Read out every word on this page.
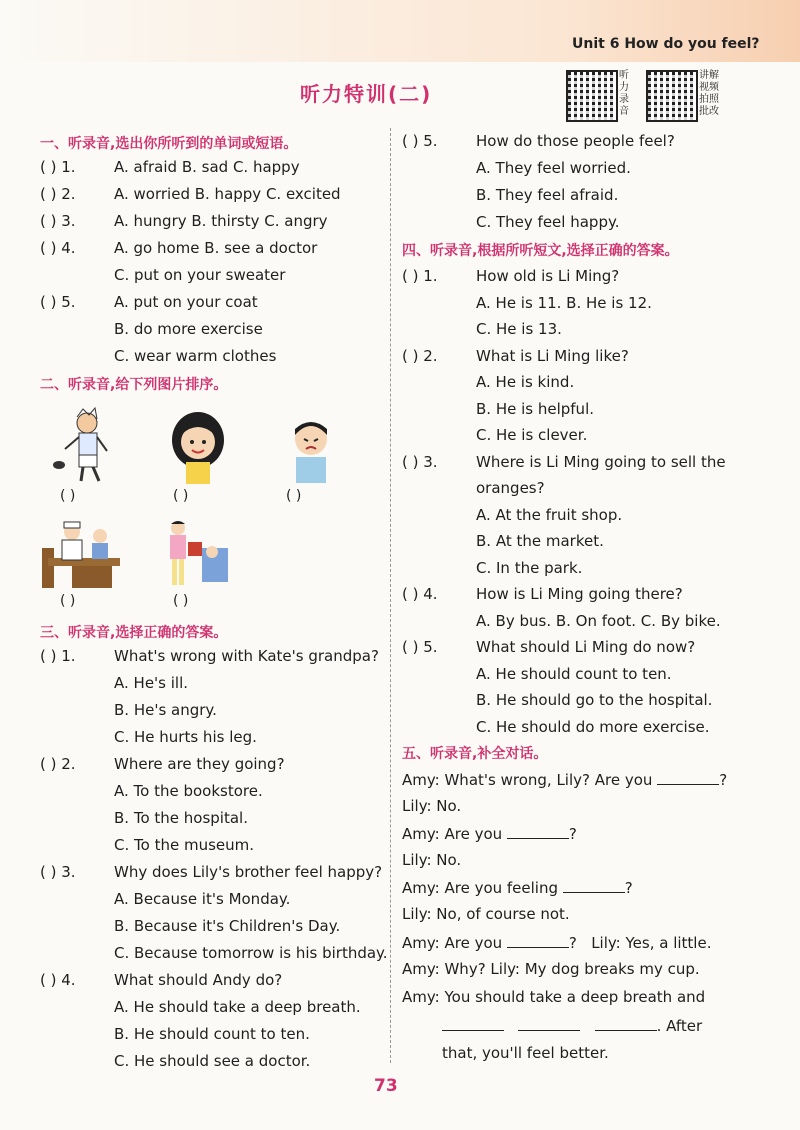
Unit 6 How do you feel?
听力特训(二)
听力录音
讲解视频拍照批改
一、听录音,选出你所听到的单词或短语。
( ) 1.	A. afraid B. sad C. happy
( ) 2.	A. worried B. happy C. excited
( ) 3.	A. hungry B. thirsty C. angry
( ) 4.	A. go home B. see a doctor
C. put on your sweater
( ) 5.	A. put on your coat
B. do more exercise
C. wear warm clothes
二、听录音,给下列图片排序。
( )	( )	( )
( )	( )
三、听录音,选择正确的答案。
( ) 1.	What's wrong with Kate's grandpa?
A. He's ill.
B. He's angry.
C. He hurts his leg.
( ) 2.	Where are they going?
A. To the bookstore.
B. To the hospital.
C. To the museum.
( ) 3.	Why does Lily's brother feel happy?
A. Because it's Monday.
B. Because it's Children's Day.
C. Because tomorrow is his birthday.
( ) 4.	What should Andy do?
A. He should take a deep breath.
B. He should count to ten.
C. He should see a doctor.
( ) 5.	How do those people feel?
A. They feel worried.
B. They feel afraid.
C. They feel happy.
四、听录音,根据所听短文,选择正确的答案。
( ) 1.	How old is Li Ming?
A. He is 11. B. He is 12.
C. He is 13.
( ) 2.	What is Li Ming like?
A. He is kind.
B. He is helpful.
C. He is clever.
( ) 3.	Where is Li Ming going to sell the
oranges?
A. At the fruit shop.
B. At the market.
C. In the park.
( ) 4.	How is Li Ming going there?
A. By bus. B. On foot. C. By bike.
( ) 5.	What should Li Ming do now?
A. He should count to ten.
B. He should go to the hospital.
C. He should do more exercise.
五、听录音,补全对话。
Amy: What's wrong, Lily? Are you	?
Lily: No.
Amy: Are you	?
Lily: No.
Amy: Are you feeling	?
Lily: No, of course not.
Amy: Are you	? Lily: Yes, a little.
Amy: Why? Lily: My dog breaks my cup.
Amy: You should take a deep breath and
. After
that, you'll feel better.
73
